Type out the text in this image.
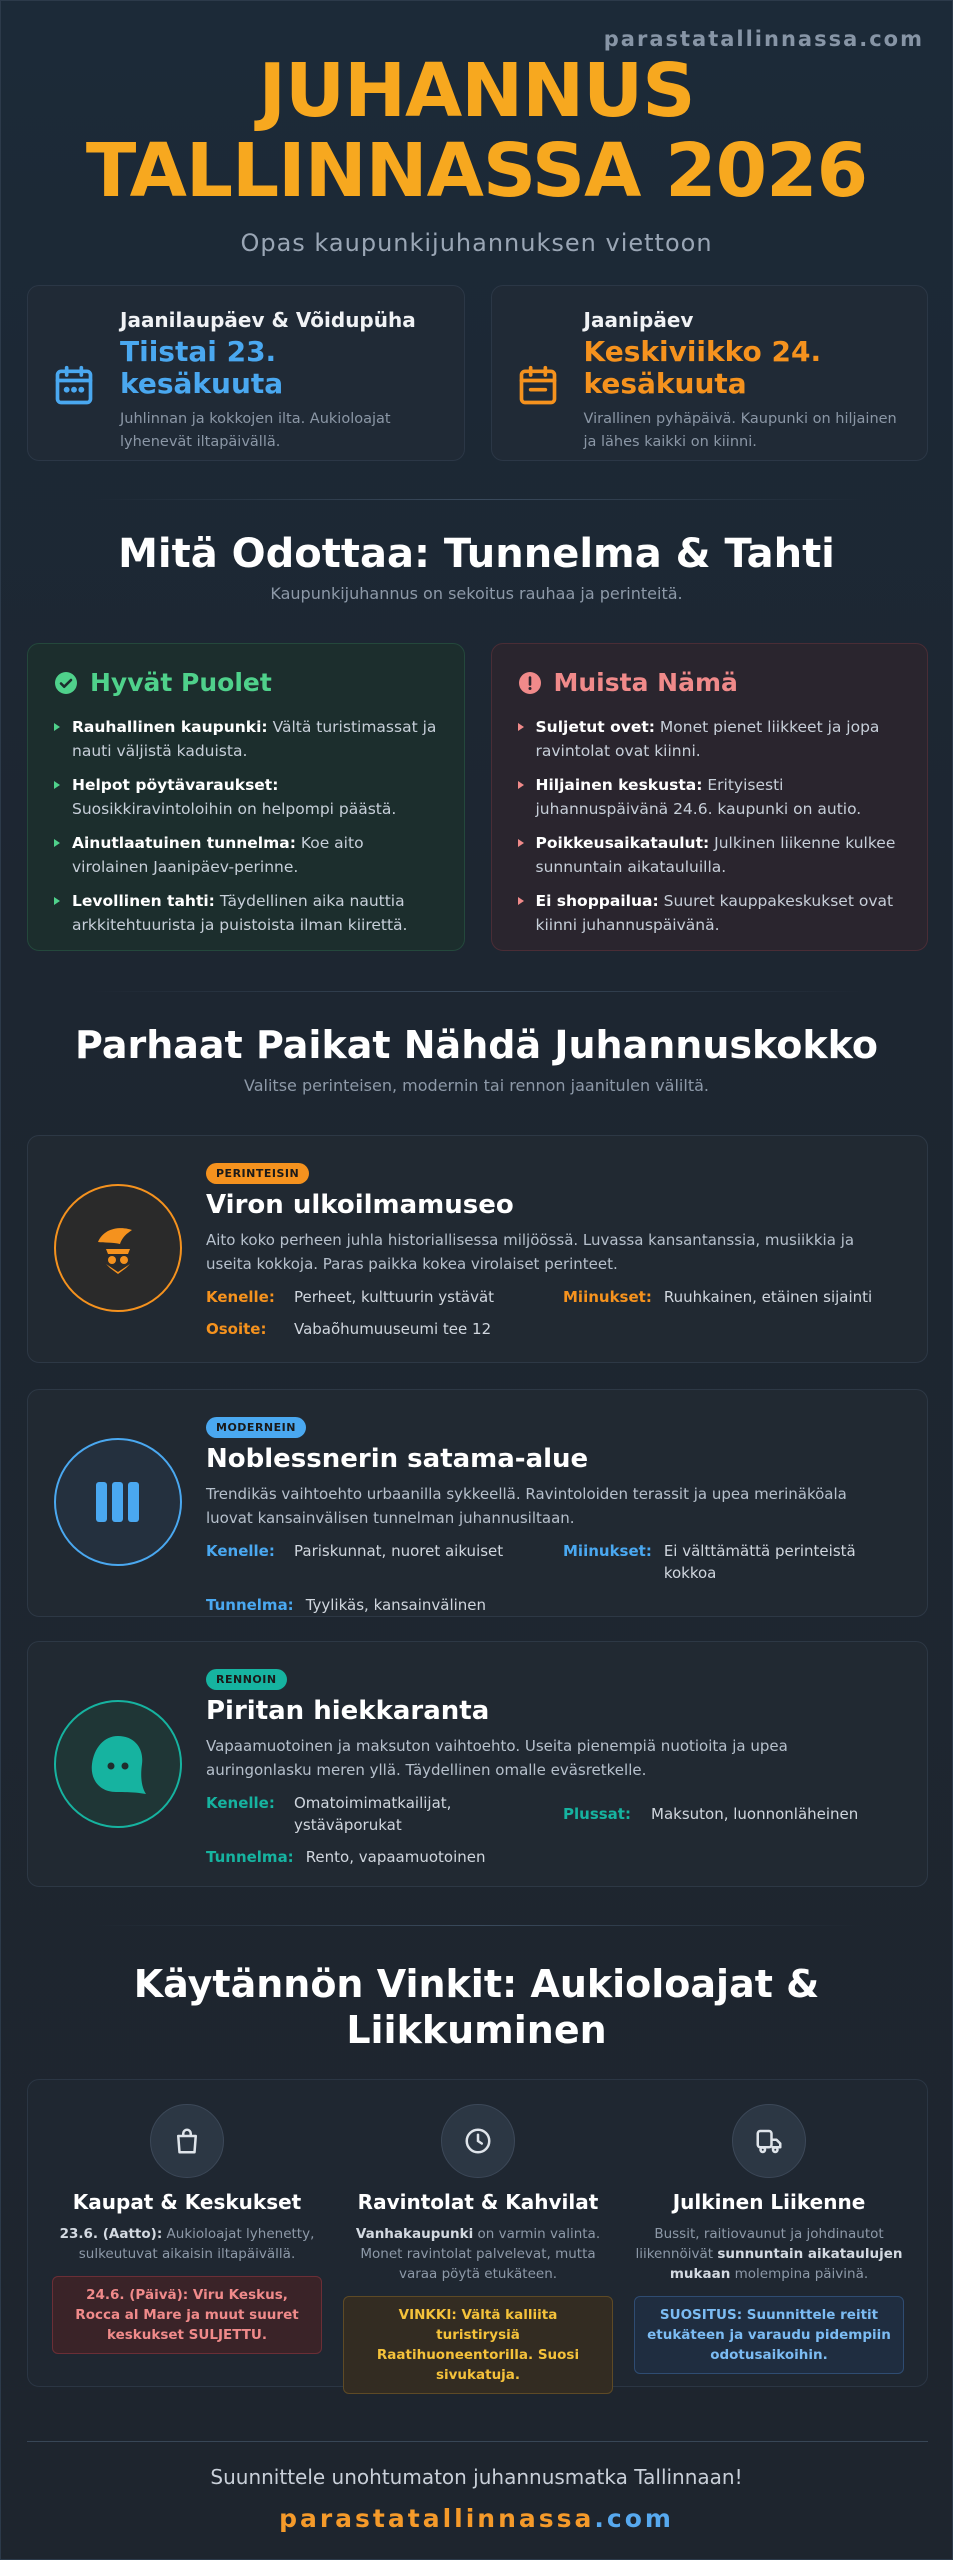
parastatallinnassa.com
JUHANNUS
TALLINNASSA 2026
Opas kaupunkijuhannuksen viettoon
Jaanilaupäev & Võidupüha
Tiistai 23. kesäkuuta
Juhlinnan ja kokkojen ilta. Aukioloajat lyhenevät iltapäivällä.
Jaanipäev
Keskiviikko 24. kesäkuuta
Virallinen pyhäpäivä. Kaupunki on hiljainen ja lähes kaikki on kiinni.
Mitä Odottaa: Tunnelma & Tahti
Kaupunkijuhannus on sekoitus rauhaa ja perinteitä.
Hyvät Puolet
Rauhallinen kaupunki: Vältä turistimassat ja nauti väljistä kaduista.
Helpot pöytävaraukset: Suosikkiravintoloihin on helpompi päästä.
Ainutlaatuinen tunnelma: Koe aito virolainen Jaanipäev-perinne.
Levollinen tahti: Täydellinen aika nauttia arkkitehtuurista ja puistoista ilman kiirettä.
Muista Nämä
Suljetut ovet: Monet pienet liikkeet ja jopa ravintolat ovat kiinni.
Hiljainen keskusta: Erityisesti juhannuspäivänä 24.6. kaupunki on autio.
Poikkeusaikataulut: Julkinen liikenne kulkee sunnuntain aikatauluilla.
Ei shoppailua: Suuret kauppakeskukset ovat kiinni juhannuspäivänä.
Parhaat Paikat Nähdä Juhannuskokko
Valitse perinteisen, modernin tai rennon jaanitulen väliltä.
PERINTEISIN
Viron ulkoilmamuseo
Aito koko perheen juhla historiallisessa miljöössä. Luvassa kansantanssia, musiikkia ja useita kokkoja. Paras paikka kokea virolaiset perinteet.
Kenelle:	Perheet, kulttuurin ystävät	Miinukset: Ruuhkainen, etäinen sijainti
Osoite:	Vabaõhumuuseumi tee 12
MODERNEIN
Noblessnerin satama-alue
Trendikäs vaihtoehto urbaanilla sykkeellä. Ravintoloiden terassit ja upea merinäköala luovat kansainvälisen tunnelman juhannusiltaan.
Kenelle:	Pariskunnat, nuoret aikuiset	Miinukset: Ei välttämättä perinteistä kokkoa
Tunnelma: Tyylikäs, kansainvälinen
RENNOIN
Piritan hiekkaranta
Vapaamuotoinen ja maksuton vaihtoehto. Useita pienempiä nuotioita ja upea auringonlasku meren yllä. Täydellinen omalle eväsretkelle.
Kenelle:	Omatoimimatkailijat, ystäväporukat
Plussat:	Maksuton, luonnonläheinen
Tunnelma: Rento, vapaamuotoinen
Käytännön Vinkit: Aukioloajat &
Liikkuminen
Kaupat & Keskukset
23.6. (Aatto): Aukioloajat lyhenetty, sulkeutuvat aikaisin iltapäivällä.
24.6. (Päivä): Viru Keskus, Rocca al Mare ja muut suuret keskukset SULJETTU.
Ravintolat & Kahvilat
Vanhakaupunki on varmin valinta. Monet ravintolat palvelevat, mutta varaa pöytä etukäteen.
VINKKI: Vältä kalliita turistirysiä Raatihuoneentorilla. Suosi sivukatuja.
Julkinen Liikenne
Bussit, raitiovaunut ja johdinautot liikennöivät sunnuntain aikataulujen mukaan molempina päivinä.
SUOSITUS: Suunnittele reitit etukäteen ja varaudu pidempiin odotusaikoihin.
Suunnittele unohtumaton juhannusmatka Tallinnaan!
parastatallinnassa.com
